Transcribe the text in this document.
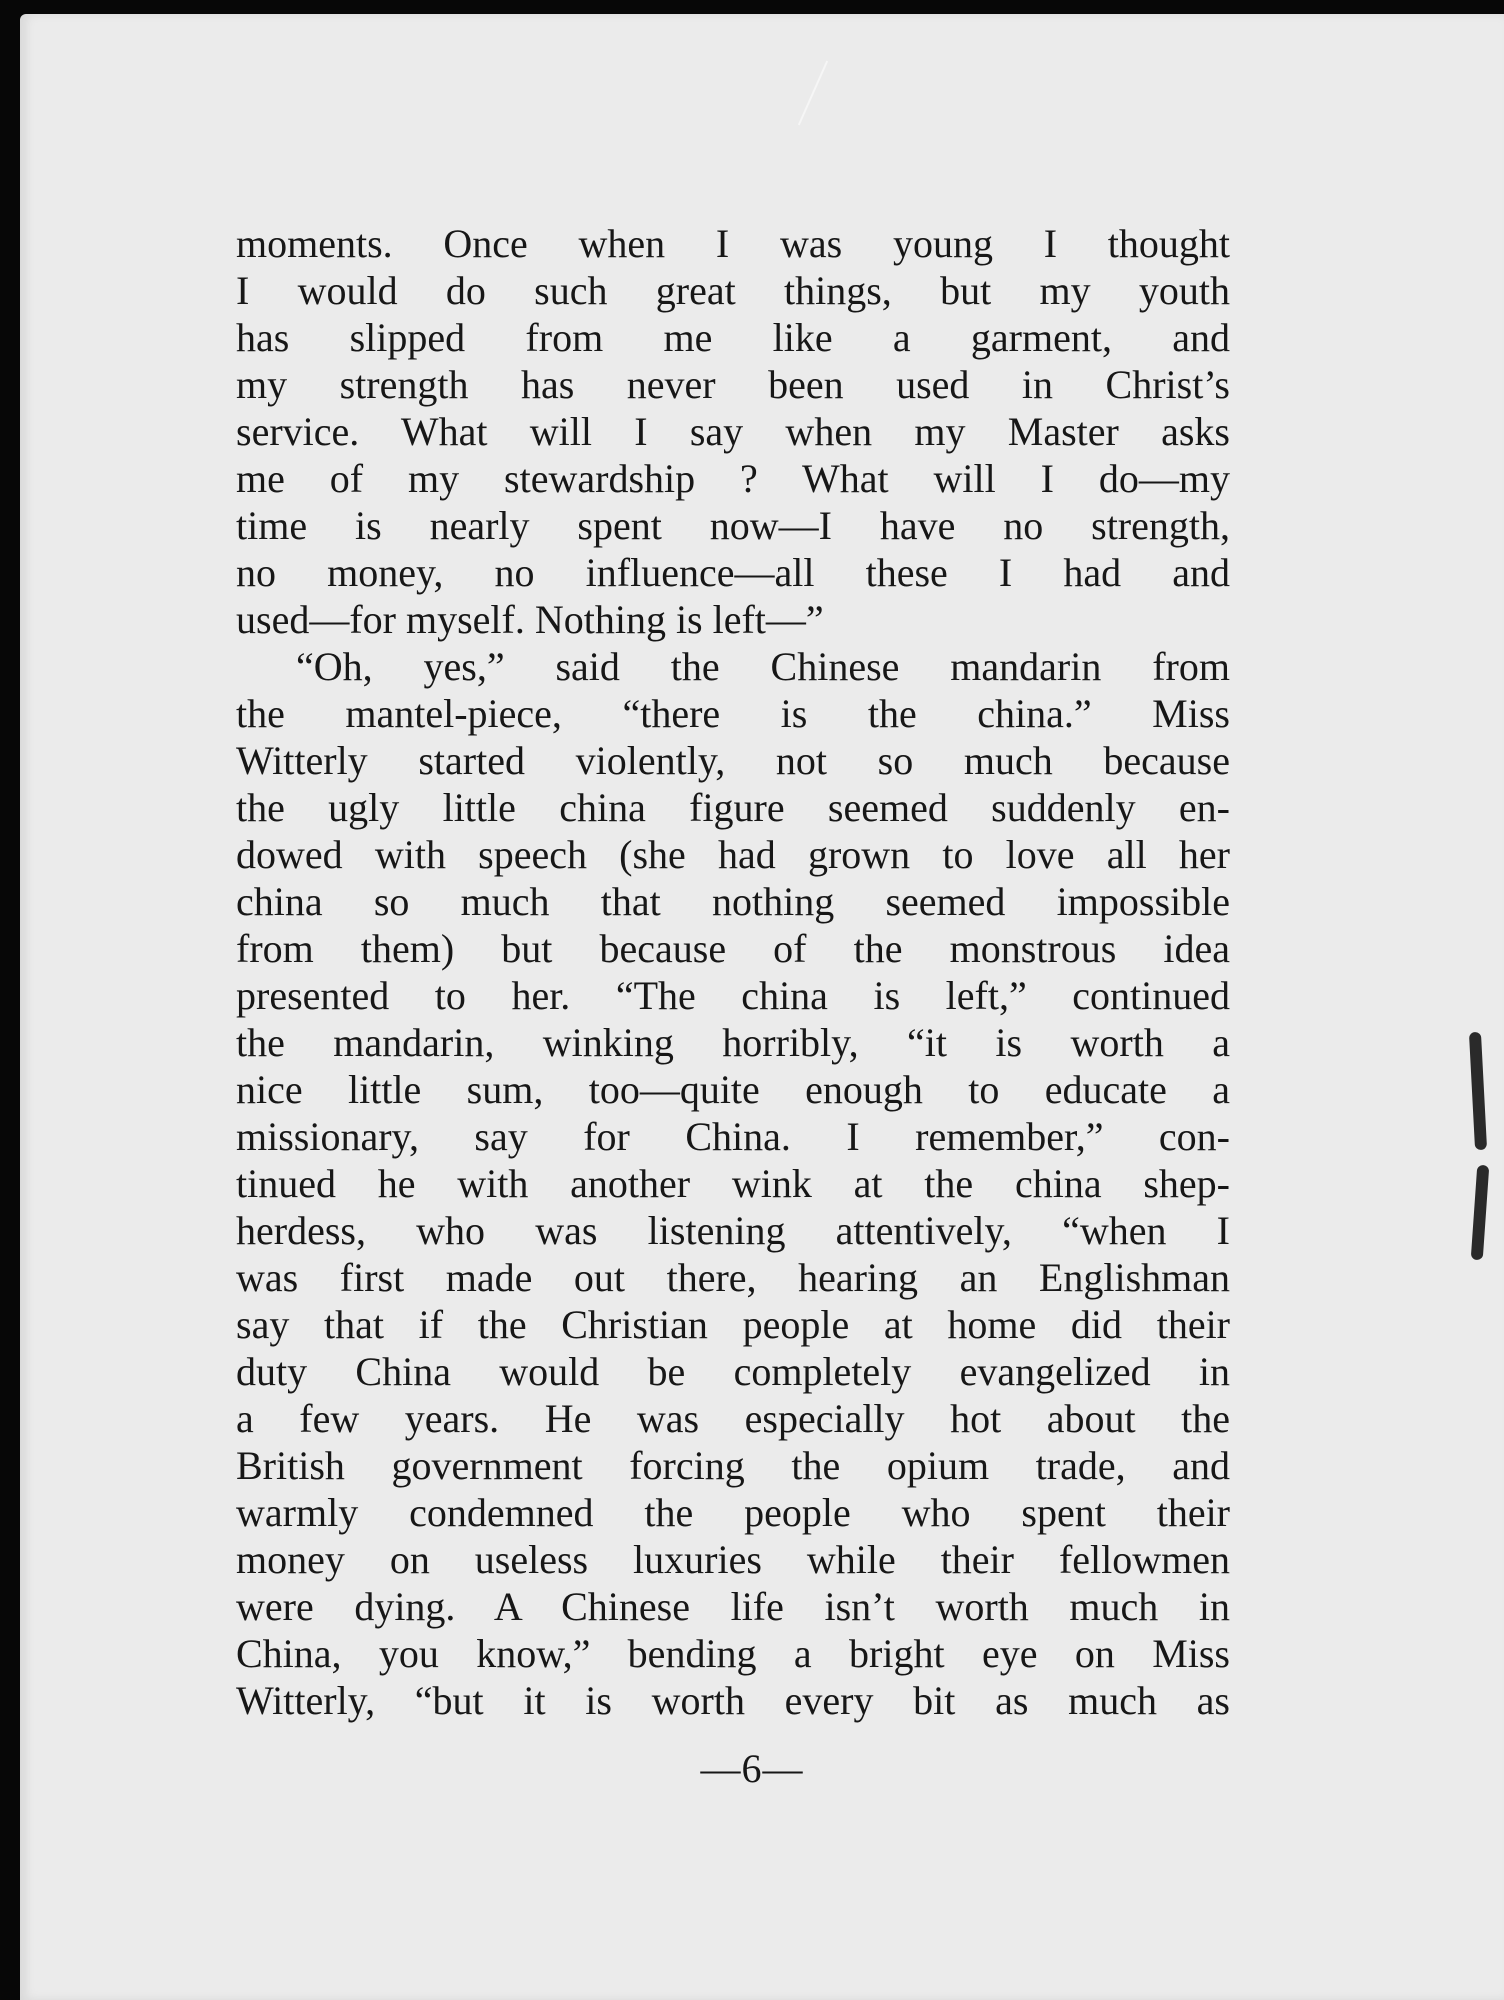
moments. Once when I was young I thought
I would do such great things, but my youth
has slipped from me like a garment, and
my strength has never been used in Christ’s
service. What will I say when my Master asks
me of my stewardship ? What will I do—my
time is nearly spent now—I have no strength,
no money, no influence—all these I had and
used—for myself. Nothing is left—”
“Oh, yes,” said the Chinese mandarin from
the mantel-piece, “there is the china.” Miss
Witterly started violently, not so much because
the ugly little china figure seemed suddenly en-
dowed with speech (she had grown to love all her
china so much that nothing seemed impossible
from them) but because of the monstrous idea
presented to her. “The china is left,” continued
the mandarin, winking horribly, “it is worth a
nice little sum, too—quite enough to educate a
missionary, say for China. I remember,” con-
tinued he with another wink at the china shep-
herdess, who was listening attentively, “when I
was first made out there, hearing an Englishman
say that if the Christian people at home did their
duty China would be completely evangelized in
a few years. He was especially hot about the
British government forcing the opium trade, and
warmly condemned the people who spent their
money on useless luxuries while their fellowmen
were dying. A Chinese life isn’t worth much in
China, you know,” bending a bright eye on Miss
Witterly, “but it is worth every bit as much as
—6—
